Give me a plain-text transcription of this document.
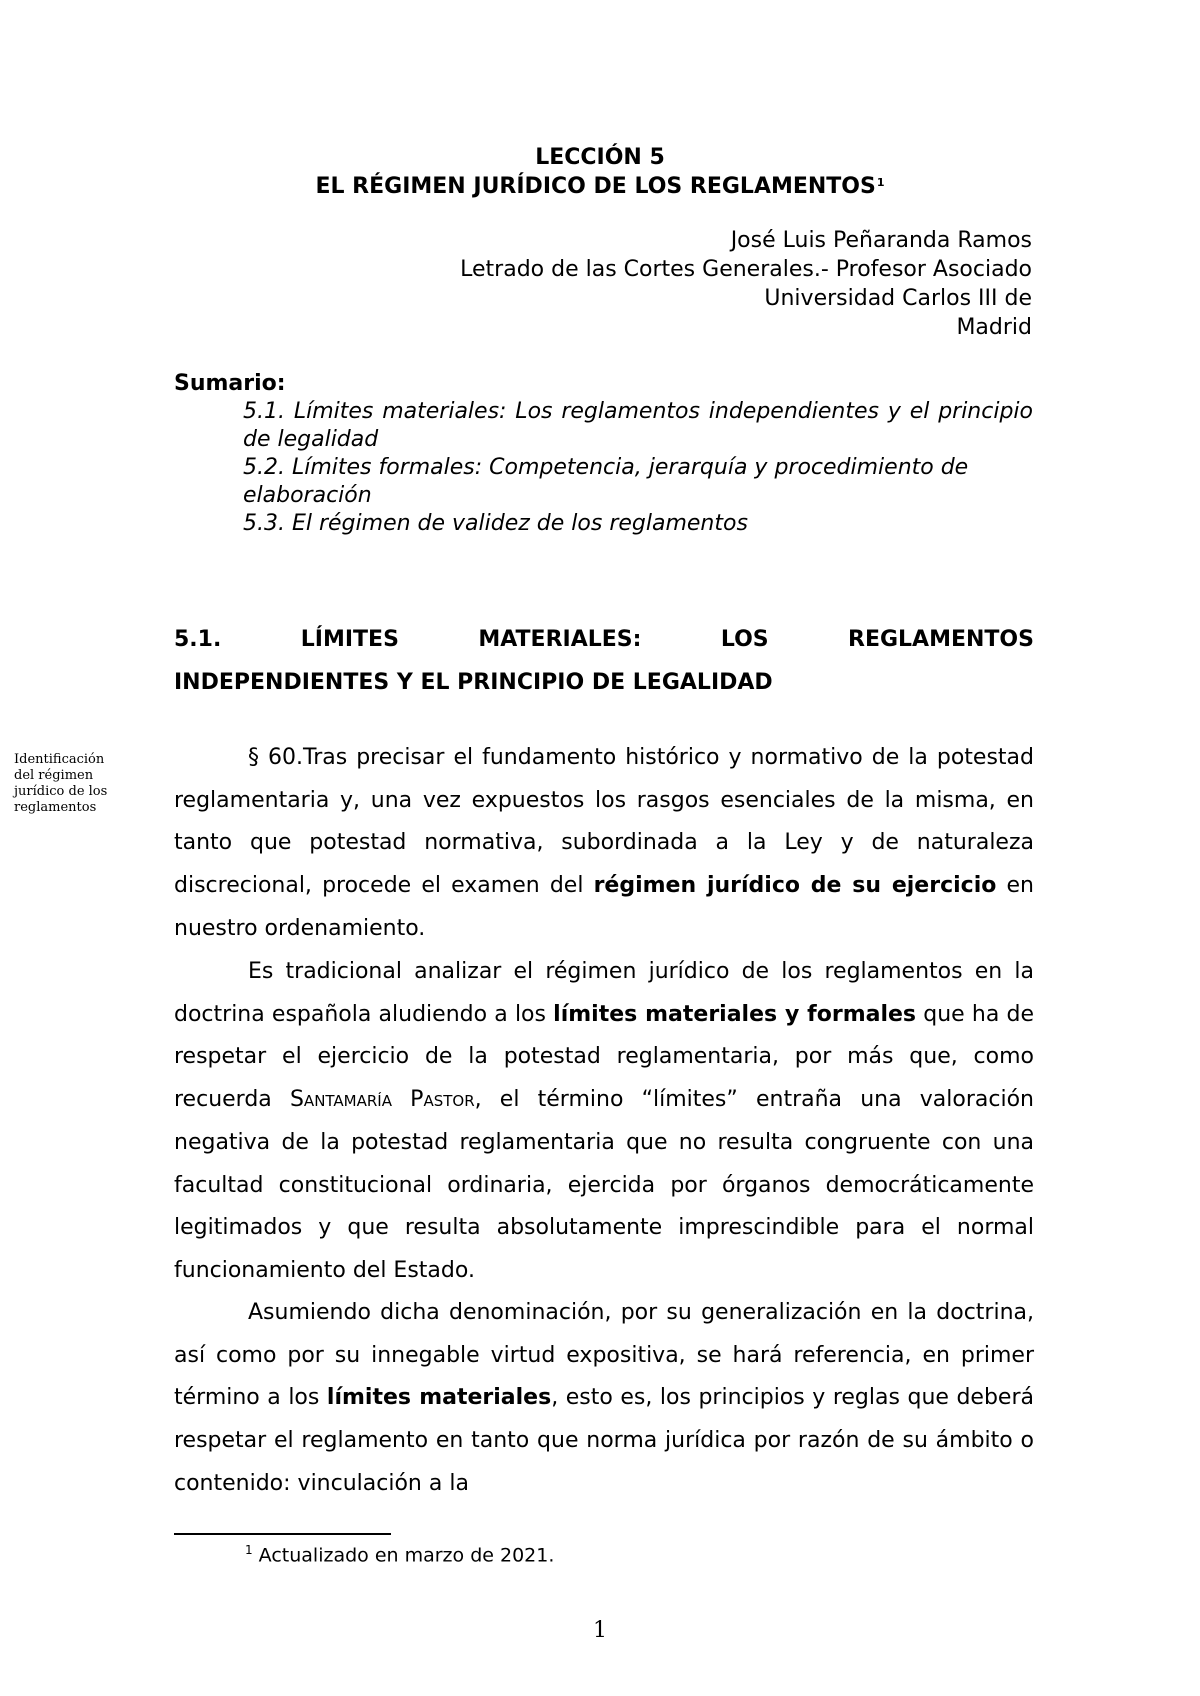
LECCIÓN 5
EL RÉGIMEN JURÍDICO DE LOS REGLAMENTOS$^1$
José Luis Peñaranda Ramos
Letrado de las Cortes Generales.- Profesor Asociado
Universidad Carlos III de
Madrid
Sumario:

5.1. Límites materiales: Los reglamentos independientes y el principio de legalidad

5.2. Límites formales: Competencia, jerarquía y procedimiento de elaboración

5.3. El régimen de validez de los reglamentos

5.1.	LÍMITES	MATERIALES:	LOS	REGLAMENTOS
INDEPENDIENTES Y EL PRINCIPIO DE LEGALIDAD
Identificación del régimen jurídico de los reglamentos

§ 60.Tras precisar el fundamento histórico y normativo de la potestad reglamentaria y, una vez expuestos los rasgos esenciales de la misma, en tanto que potestad normativa, subordinada a la Ley y de naturaleza discrecional, procede el examen del régimen jurídico de su ejercicio en nuestro ordenamiento.

Es tradicional analizar el régimen jurídico de los reglamentos en la doctrina española aludiendo a los límites materiales y formales que ha de respetar el ejercicio de la potestad reglamentaria, por más que, como recuerda Santamaría Pastor, el término “límites” entraña una valoración negativa de la potestad reglamentaria que no resulta congruente con una facultad constitucional ordinaria, ejercida por órganos democráticamente legitimados y que resulta absolutamente imprescindible para el normal funcionamiento del Estado.

Asumiendo dicha denominación, por su generalización en la doctrina, así como por su innegable virtud expositiva, se hará referencia, en primer término a los límites materiales, esto es, los principios y reglas que deberá respetar el reglamento en tanto que norma jurídica por razón de su ámbito o contenido: vinculación a la

$^1$ Actualizado en marzo de 2021.
1
